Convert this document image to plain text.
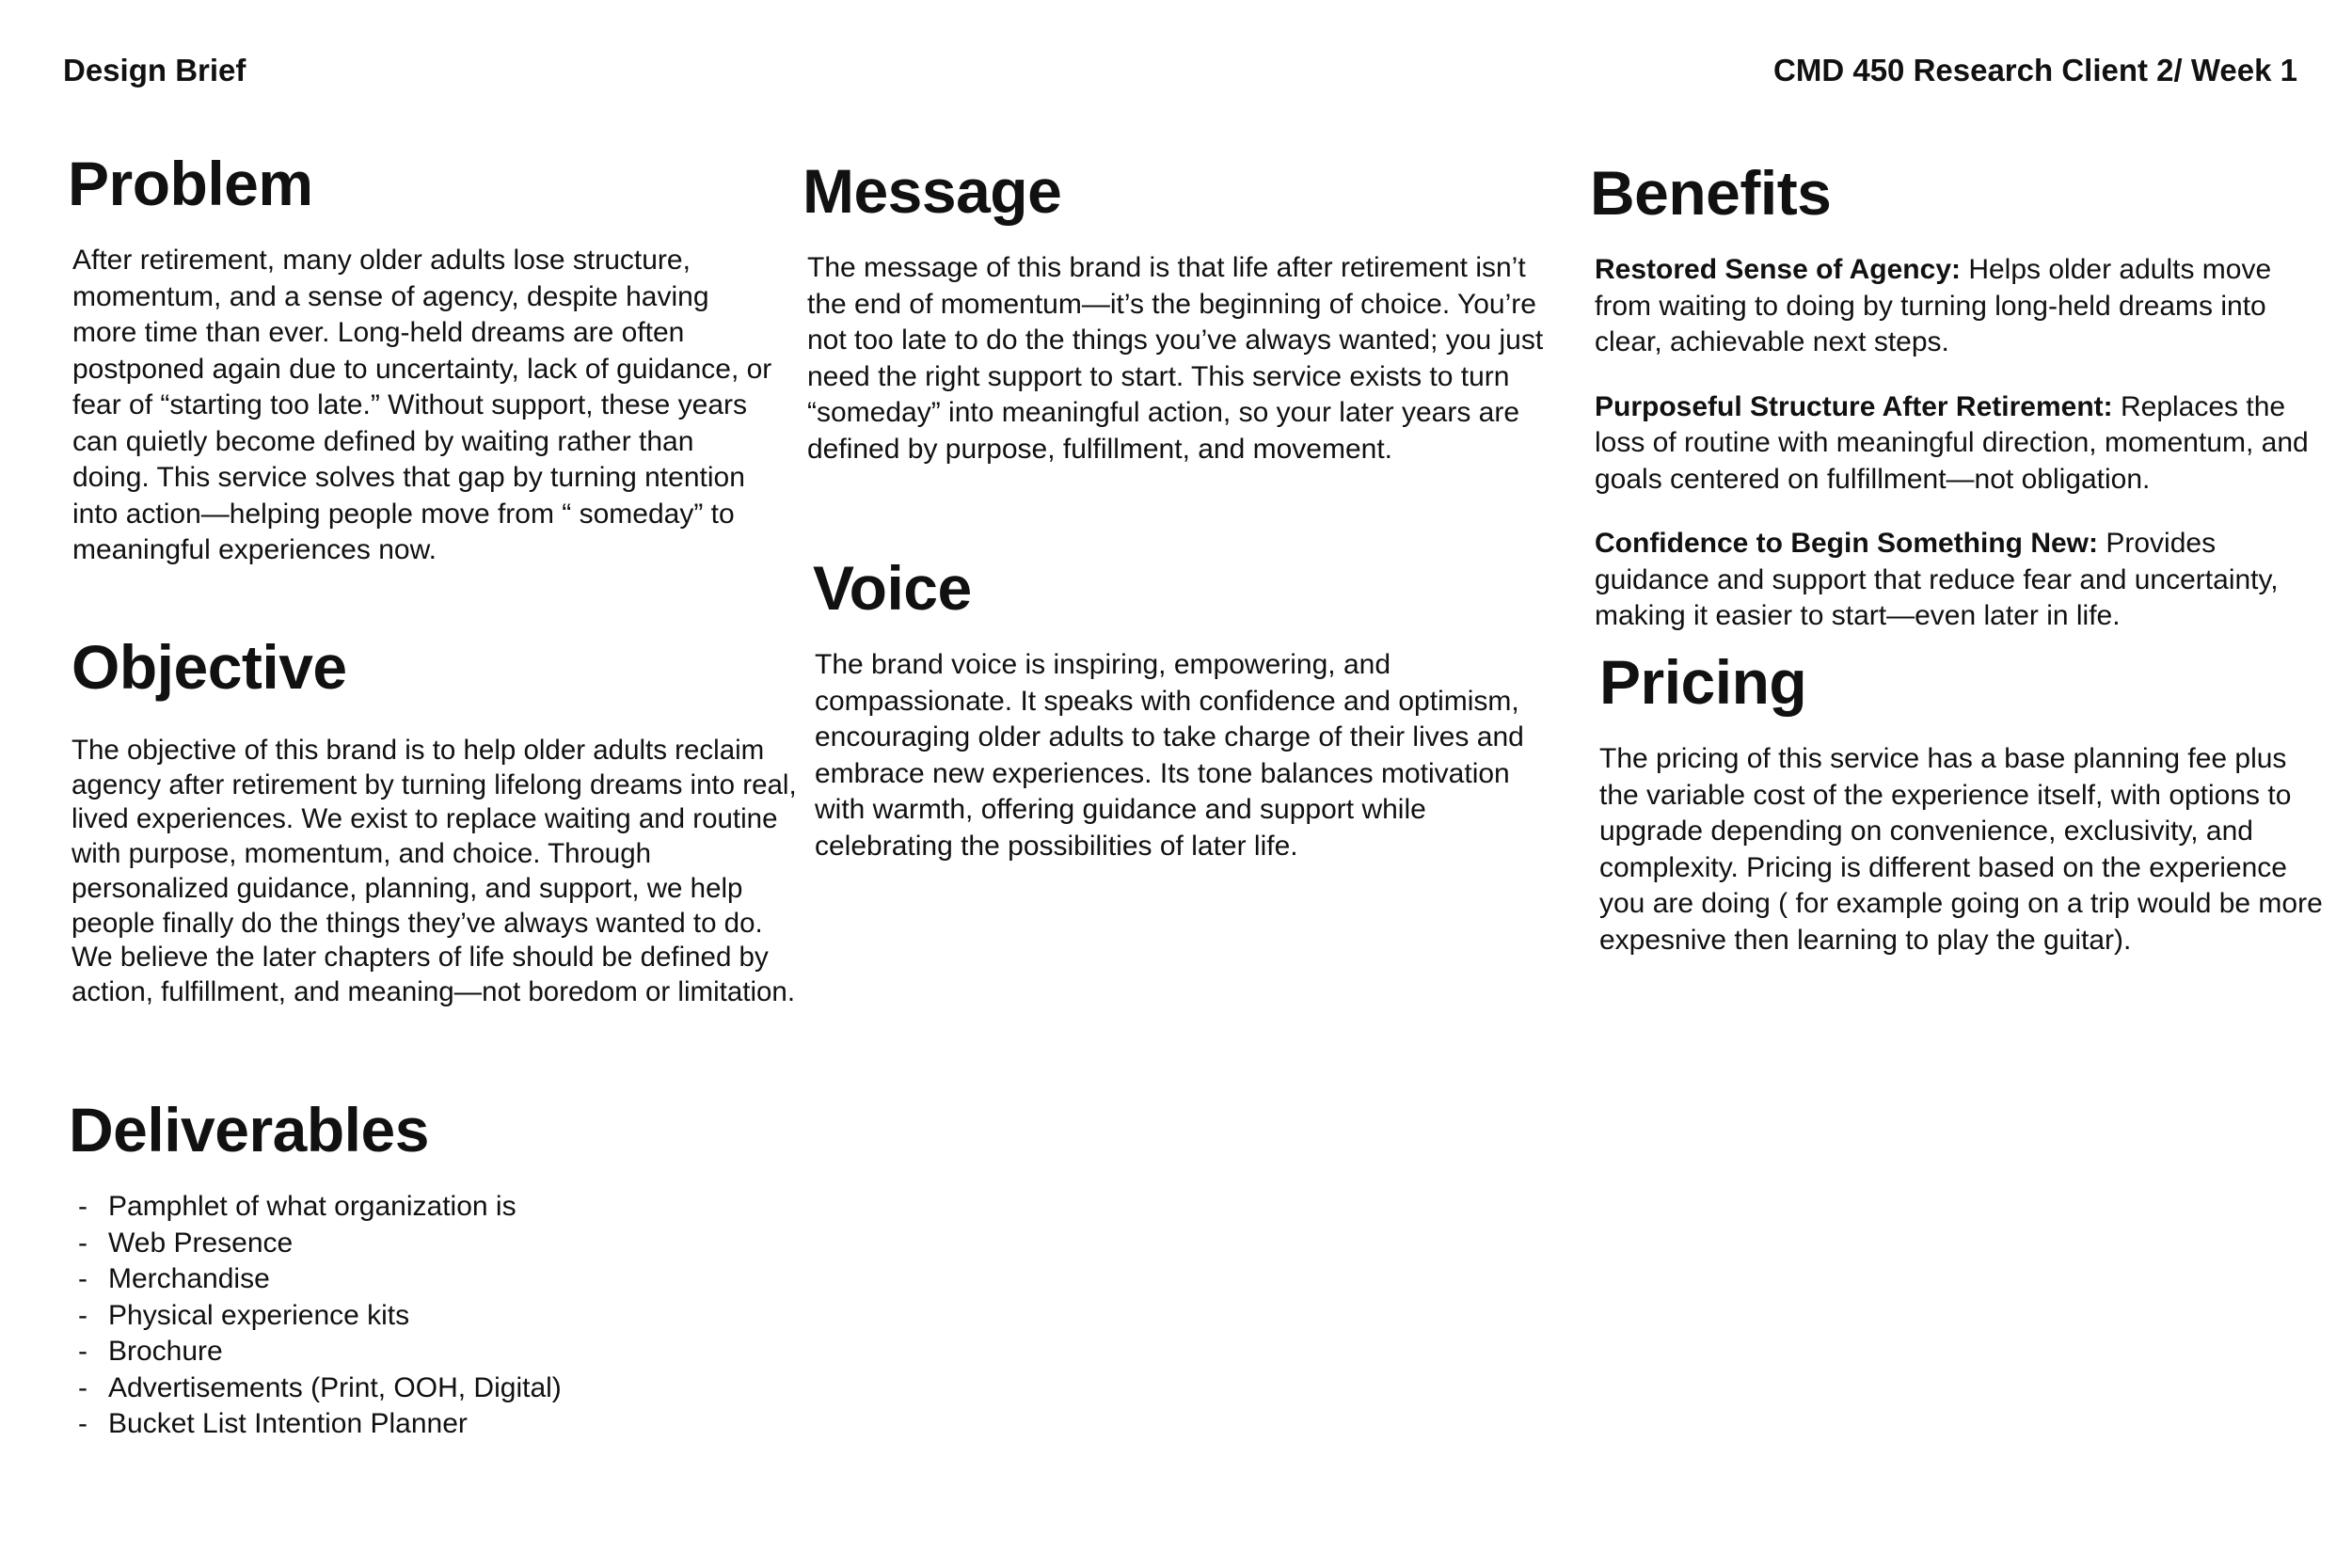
Design Brief	CMD 450 Research Client 2/ Week 1
Problem

After retirement, many older adults lose structure, momentum, and a sense of agency, despite having more time than ever. Long-held dreams are often postponed again due to uncertainty, lack of guidance, or fear of “starting too late.” Without support, these years can quietly become defined by waiting rather than doing. This service solves that gap by turning ntention into action—helping people move from “ someday” to meaningful experiences now.

Objective

The objective of this brand is to help older adults reclaim agency after retirement by turning lifelong dreams into real, lived experiences. We exist to replace waiting and routine with purpose, momentum, and choice. Through personalized guidance, planning, and support, we help people finally do the things they’ve always wanted to do. We believe the later chapters of life should be defined by action, fulfillment, and meaning—not boredom or limitation.

Deliverables
- Pamphlet of what organization is
- Web Presence
- Merchandise
- Physical experience kits
- Brochure
- Advertisements (Print, OOH, Digital)
- Bucket List Intention Planner
Message

The message of this brand is that life after retirement isn’t the end of momentum—it’s the beginning of choice. You’re not too late to do the things you’ve always wanted; you just need the right support to start. This service exists to turn “someday” into meaningful action, so your later years are defined by purpose, fulfillment, and movement.

Voice

The brand voice is inspiring, empowering, and compassionate. It speaks with confidence and optimism, encouraging older adults to take charge of their lives and embrace new experiences. Its tone balances motivation with warmth, offering guidance and support while celebrating the possibilities of later life.

Benefits

Restored Sense of Agency: Helps older adults move from waiting to doing by turning long-held dreams into clear, achievable next steps.

Purposeful Structure After Retirement: Replaces the loss of routine with meaningful direction, momentum, and goals centered on fulfillment—not obligation.

Confidence to Begin Something New: Provides guidance and support that reduce fear and uncertainty, making it easier to start—even later in life.

Pricing

The pricing of this service has a base planning fee plus the variable cost of the experience itself, with options to upgrade depending on convenience, exclusivity, and complexity. Pricing is different based on the experience you are doing ( for example going on a trip would be more expesnive then learning to play the guitar).
